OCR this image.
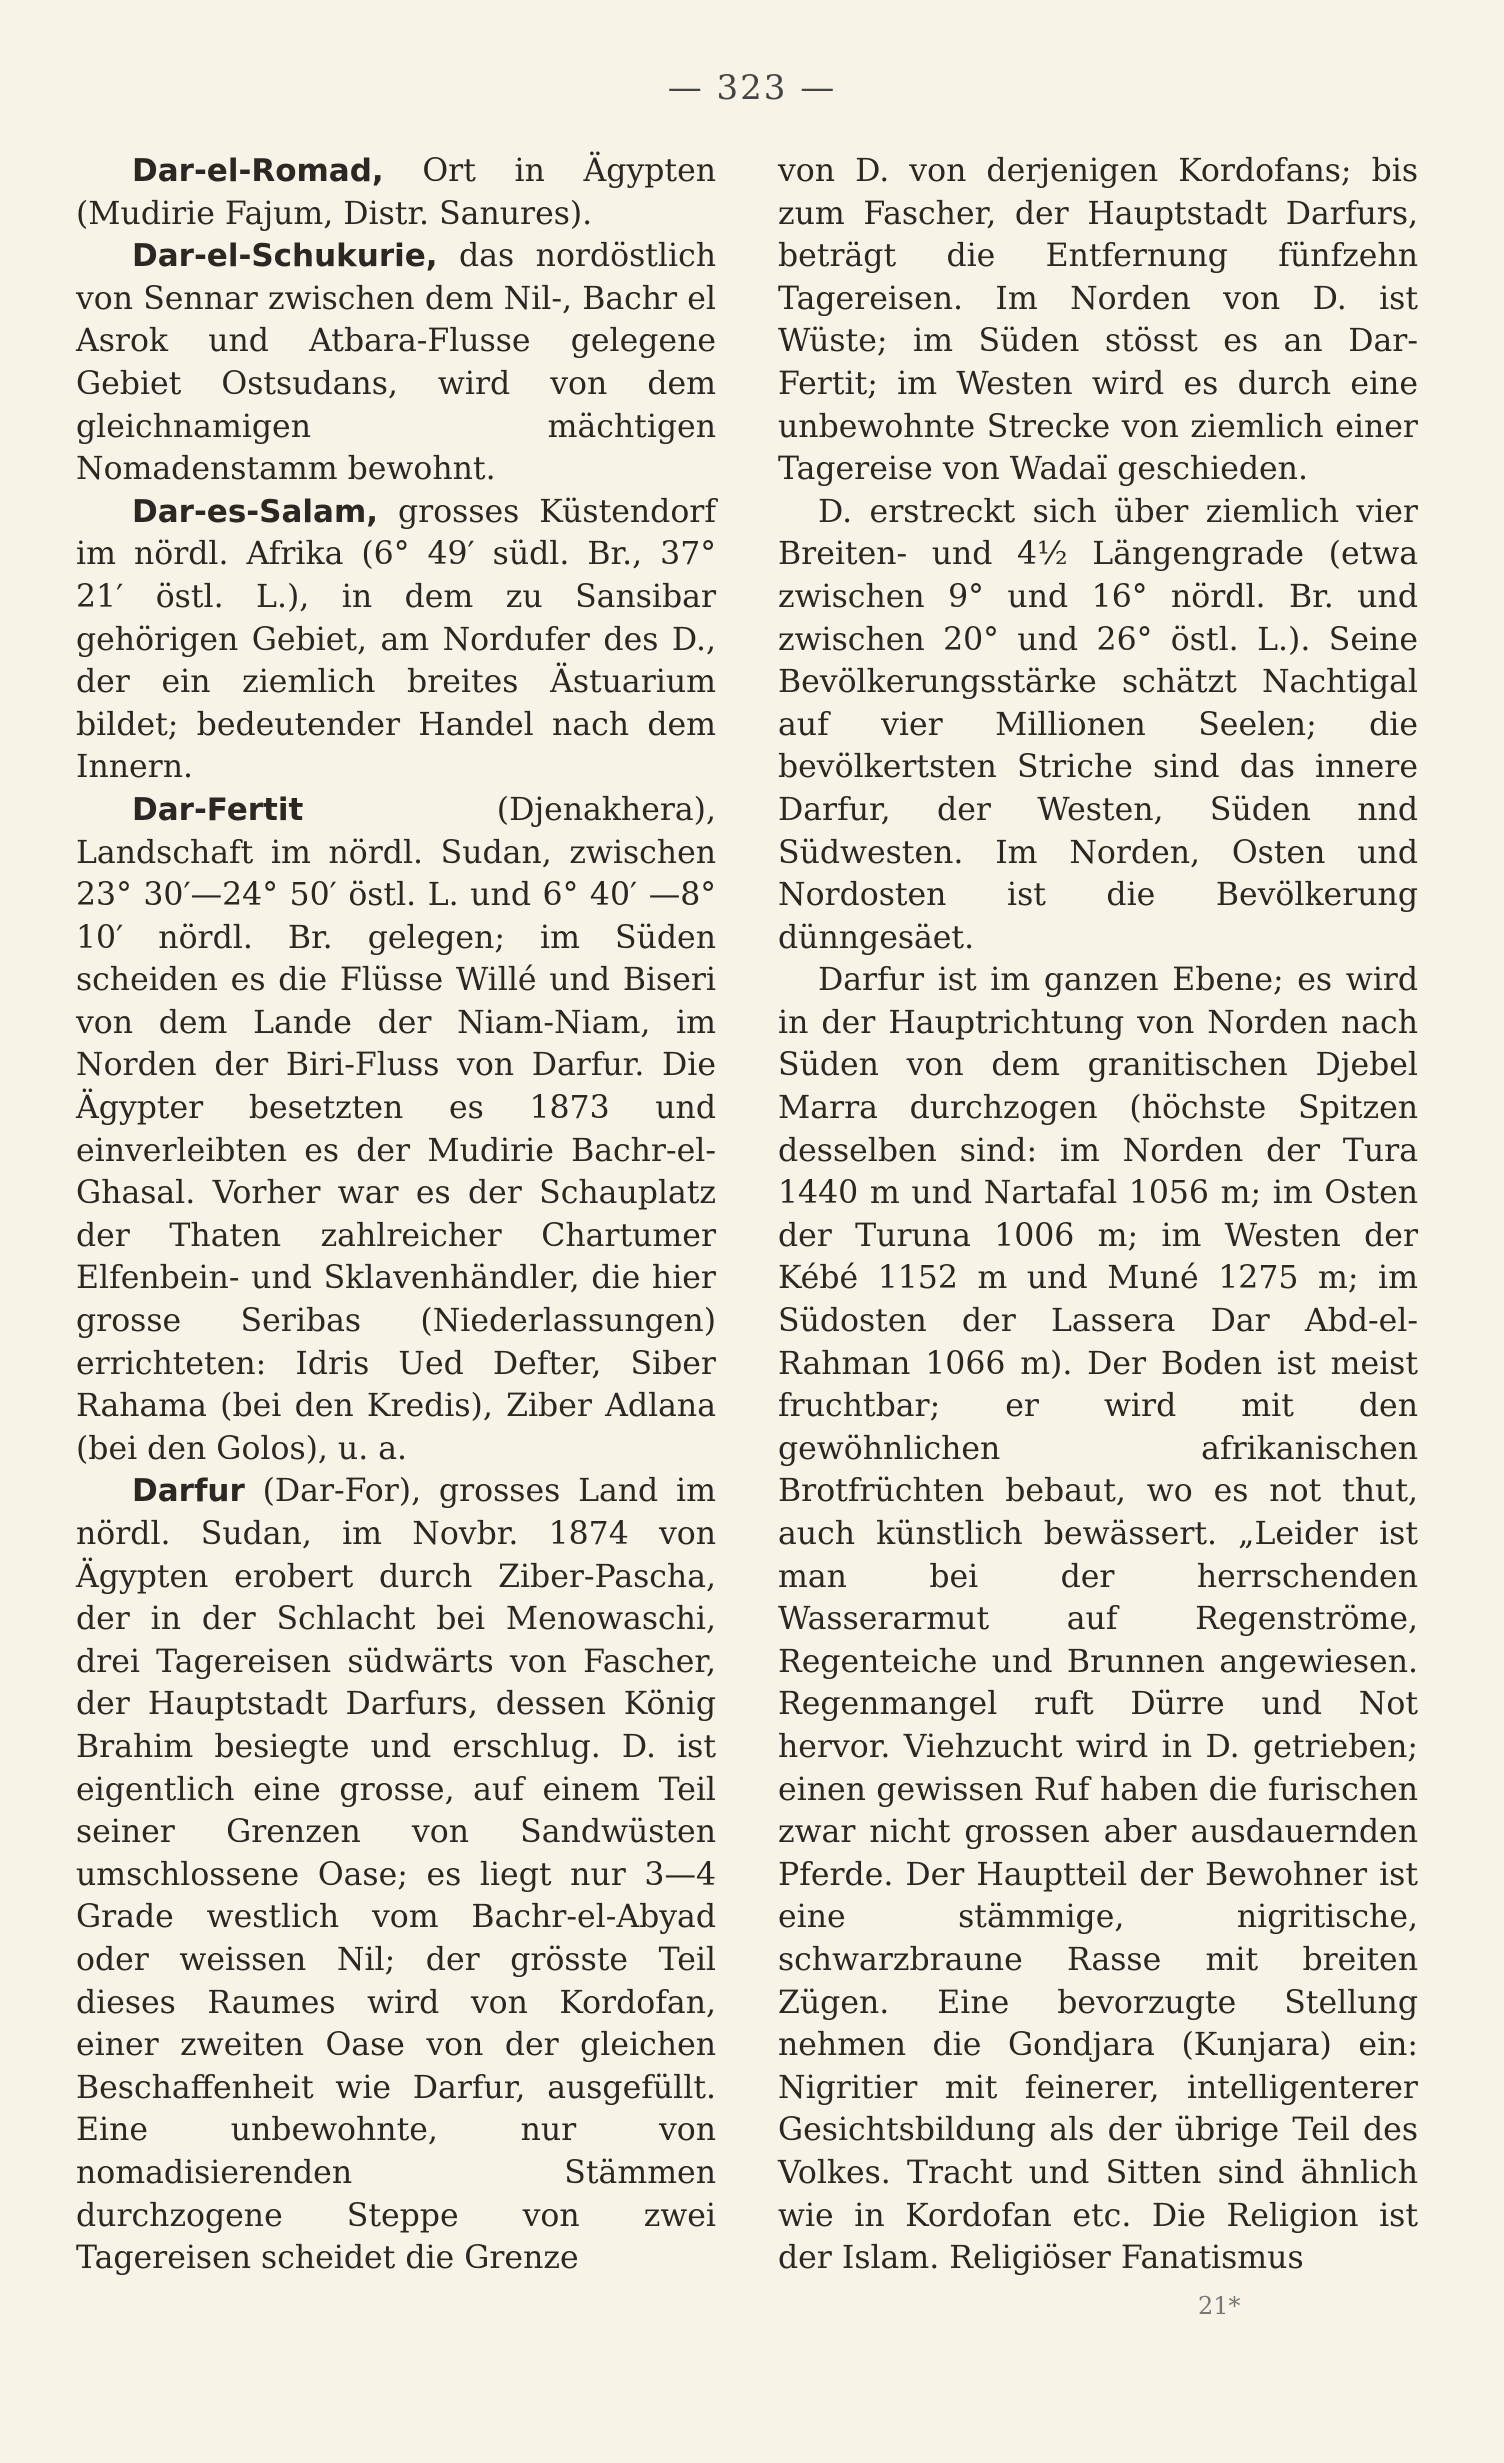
— 323 —

Dar-el-Romad, Ort in Ägypten (Mudirie Fajum, Distr. Sanures).

Dar-el-Schukurie, das nordöstlich von Sennar zwischen dem Nil-, Bachr el Asrok und Atbara-Flusse gelegene Gebiet Ostsudans, wird von dem gleichnamigen mächtigen Nomadenstamm bewohnt.

Dar-es-Salam, grosses Küstendorf im nördl. Afrika (6° 49′ südl. Br., 37° 21′ östl. L.), in dem zu Sansibar gehörigen Gebiet, am Nordufer des D., der ein ziemlich breites Ästuarium bildet; bedeutender Handel nach dem Innern.

Dar-Fertit (Djenakhera), Landschaft im nördl. Sudan, zwischen 23° 30′—24° 50′ östl. L. und 6° 40′ —8° 10′ nördl. Br. gelegen; im Süden scheiden es die Flüsse Willé und Biseri von dem Lande der Niam-Niam, im Norden der Biri-Fluss von Darfur. Die Ägypter besetzten es 1873 und einverleibten es der Mudirie Bachr-el-Ghasal. Vorher war es der Schauplatz der Thaten zahlreicher Chartumer Elfenbein- und Sklavenhändler, die hier grosse Seribas (Niederlassungen) errichteten: Idris Ued Defter, Siber Rahama (bei den Kredis), Ziber Adlana (bei den Golos), u. a.

Darfur (Dar-For), grosses Land im nördl. Sudan, im Novbr. 1874 von Ägypten erobert durch Ziber-Pascha, der in der Schlacht bei Menowaschi, drei Tagereisen südwärts von Fascher, der Hauptstadt Darfurs, dessen König Brahim besiegte und erschlug. D. ist eigentlich eine grosse, auf einem Teil seiner Grenzen von Sandwüsten umschlossene Oase; es liegt nur 3—4 Grade westlich vom Bachr-el-Abyad oder weissen Nil; der grösste Teil dieses Raumes wird von Kordofan, einer zweiten Oase von der gleichen Beschaffenheit wie Darfur, ausgefüllt. Eine unbewohnte, nur von nomadisierenden Stämmen durchzogene Steppe von zwei Tagereisen scheidet die Grenze

von D. von derjenigen Kordofans; bis zum Fascher, der Hauptstadt Darfurs, beträgt die Entfernung fünfzehn Tagereisen. Im Norden von D. ist Wüste; im Süden stösst es an Dar-Fertit; im Westen wird es durch eine unbewohnte Strecke von ziemlich einer Tagereise von Wadaï geschieden.

D. erstreckt sich über ziemlich vier Breiten- und 4½ Längengrade (etwa zwischen 9° und 16° nördl. Br. und zwischen 20° und 26° östl. L.). Seine Bevölkerungsstärke schätzt Nachtigal auf vier Millionen Seelen; die bevölkertsten Striche sind das innere Darfur, der Westen, Süden nnd Südwesten. Im Norden, Osten und Nordosten ist die Bevölkerung dünngesäet.

Darfur ist im ganzen Ebene; es wird in der Hauptrichtung von Norden nach Süden von dem granitischen Djebel Marra durchzogen (höchste Spitzen desselben sind: im Norden der Tura 1440 m und Nartafal 1056 m; im Osten der Turuna 1006 m; im Westen der Kébé 1152 m und Muné 1275 m; im Südosten der Lassera Dar Abd-el-Rahman 1066 m). Der Boden ist meist fruchtbar; er wird mit den gewöhnlichen afrikanischen Brotfrüchten bebaut, wo es not thut, auch künstlich bewässert. „Leider ist man bei der herrschenden Wasserarmut auf Regenströme, Regenteiche und Brunnen angewiesen. Regenmangel ruft Dürre und Not hervor. Viehzucht wird in D. getrieben; einen gewissen Ruf haben die furischen zwar nicht grossen aber ausdauernden Pferde. Der Hauptteil der Bewohner ist eine stämmige, nigritische, schwarzbraune Rasse mit breiten Zügen. Eine bevorzugte Stellung nehmen die Gondjara (Kunjara) ein: Nigritier mit feinerer, intelligenterer Gesichtsbildung als der übrige Teil des Volkes. Tracht und Sitten sind ähnlich wie in Kordofan etc. Die Religion ist der Islam. Religiöser Fanatismus

21*
